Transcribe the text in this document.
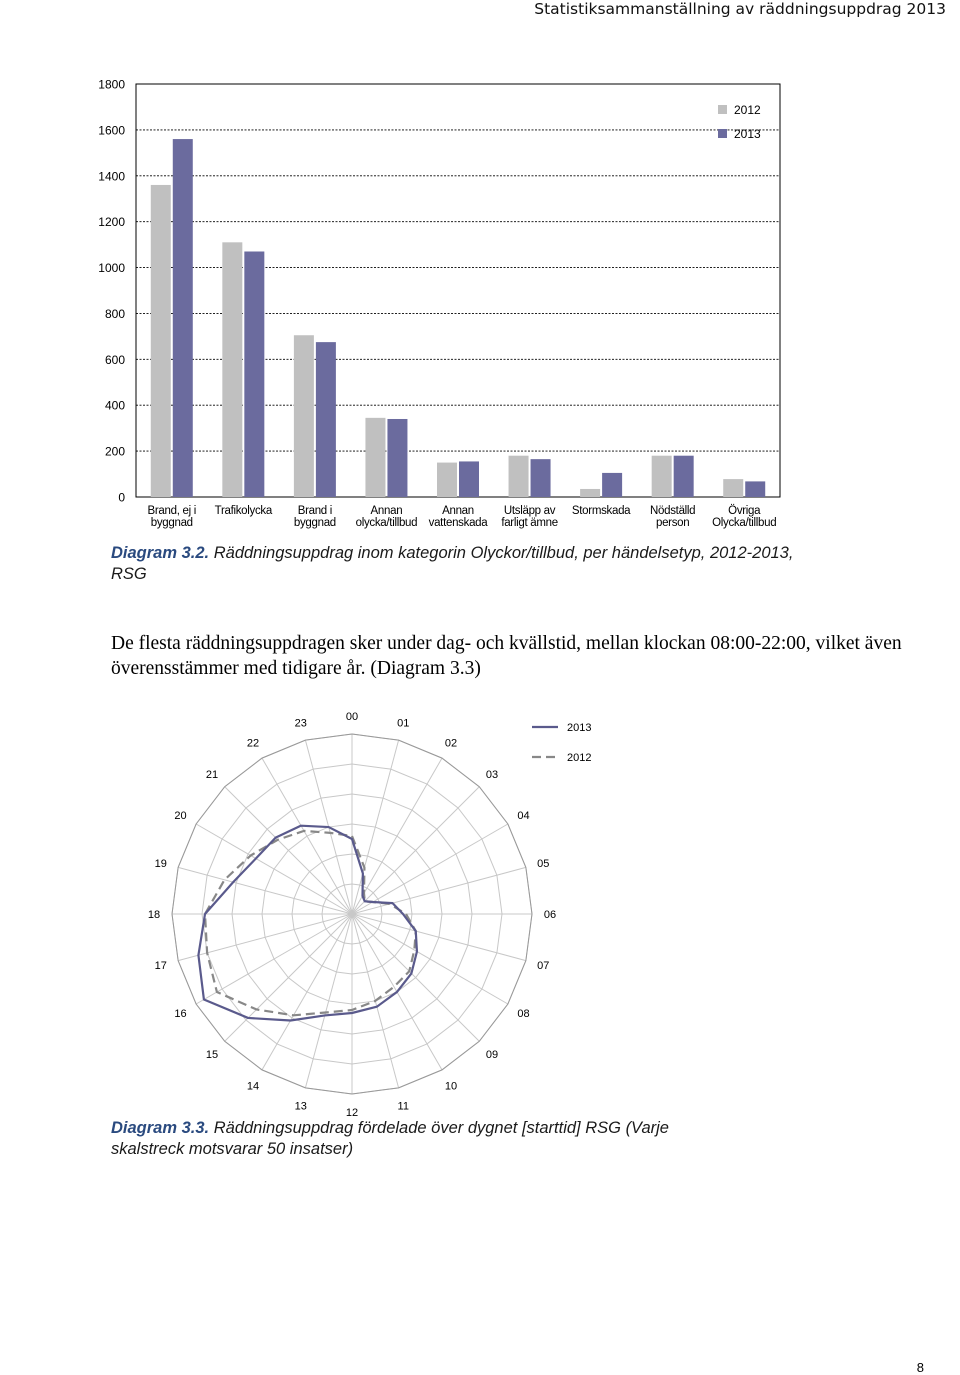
Statistiksammanställning av räddningsuppdrag 2013
0
200
400
600
800
1000
1200
1400
1600
1800
Brand, ej i byggnad
Trafikolycka	Brand i byggnad
Annan olycka/tillbud
Annan vattenskada
Utsläpp av farligt ämne
Stormskada Nödställd person
Övriga Olycka/tillbud
2012
2013
Diagram 3.2. Räddningsuppdrag inom kategorin Olyckor/tillbud, per händelsetyp, 2012-2013, RSG
De flesta räddningsuppdragen sker under dag- och kvällstid, mellan klockan 08:00-22:00, vilket även överensstämmer med tidigare år. (Diagram 3.3)
00
01
02
03
04
05
06
07
08
09
10
11
12
13
14
15
16
17
18
19
20
21
22
23	2013
2012
Diagram 3.3. Räddningsuppdrag fördelade över dygnet [starttid] RSG (Varje skalstreck motsvarar 50 insatser)
8
